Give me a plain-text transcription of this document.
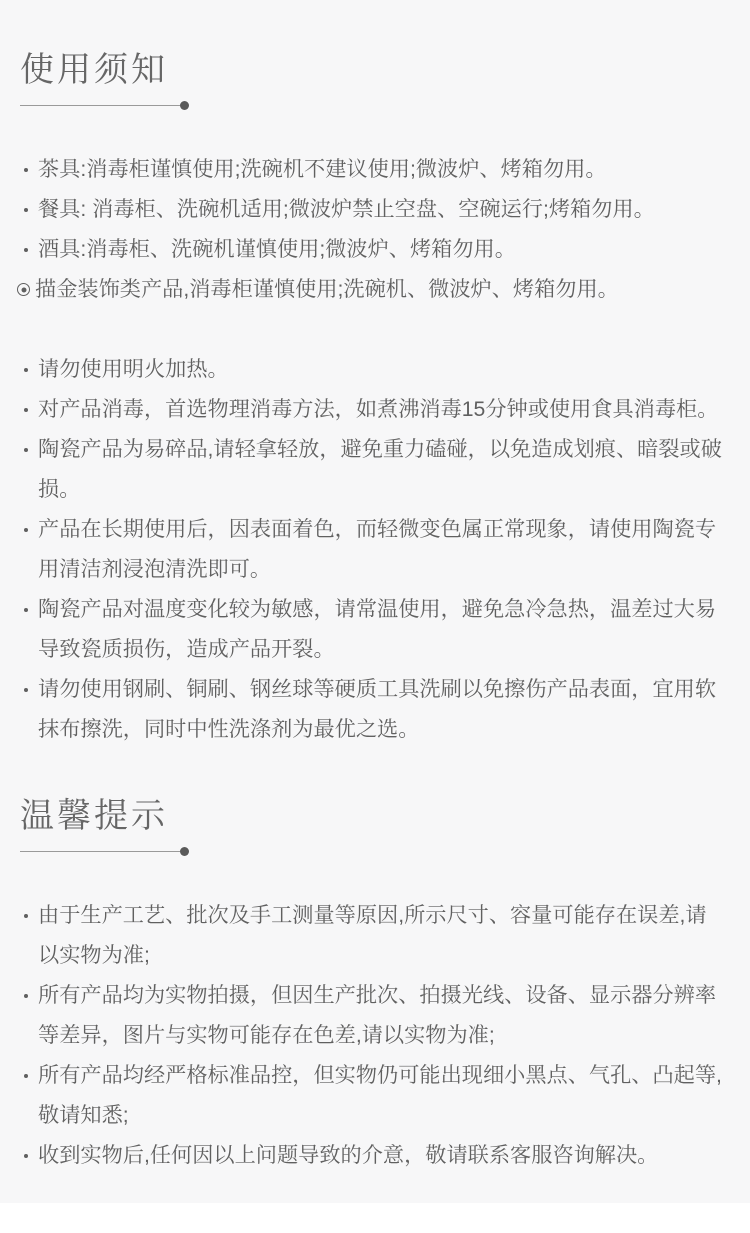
使用须知
茶具:消毒柜谨慎使用;洗碗机不建议使用;微波炉、烤箱勿用。
餐具: 消毒柜、洗碗机适用;微波炉禁止空盘、空碗运行;烤箱勿用。
酒具:消毒柜、洗碗机谨慎使用;微波炉、烤箱勿用。
描金装饰类产品,消毒柜谨慎使用;洗碗机、微波炉、烤箱勿用。
请勿使用明火加热。
对产品消毒，首选物理消毒方法，如煮沸消毒15分钟或使用食具消毒柜。
陶瓷产品为易碎品,请轻拿轻放，避免重力磕碰，以免造成划痕、暗裂或破损。
产品在长期使用后，因表面着色，而轻微变色属正常现象，请使用陶瓷专用清洁剂浸泡清洗即可。
陶瓷产品对温度变化较为敏感，请常温使用，避免急冷急热，温差过大易导致瓷质损伤，造成产品开裂。
请勿使用钢刷、铜刷、钢丝球等硬质工具洗刷以免擦伤产品表面，宜用软抹布擦洗，同时中性洗涤剂为最优之选。
温馨提示
由于生产工艺、批次及手工测量等原因,所示尺寸、容量可能存在误差,请以实物为准;
所有产品均为实物拍摄，但因生产批次、拍摄光线、设备、显示器分辨率等差异，图片与实物可能存在色差,请以实物为准;
所有产品均经严格标准品控，但实物仍可能出现细小黑点、气孔、凸起等,敬请知悉;
收到实物后,任何因以上问题导致的介意，敬请联系客服咨询解决。
